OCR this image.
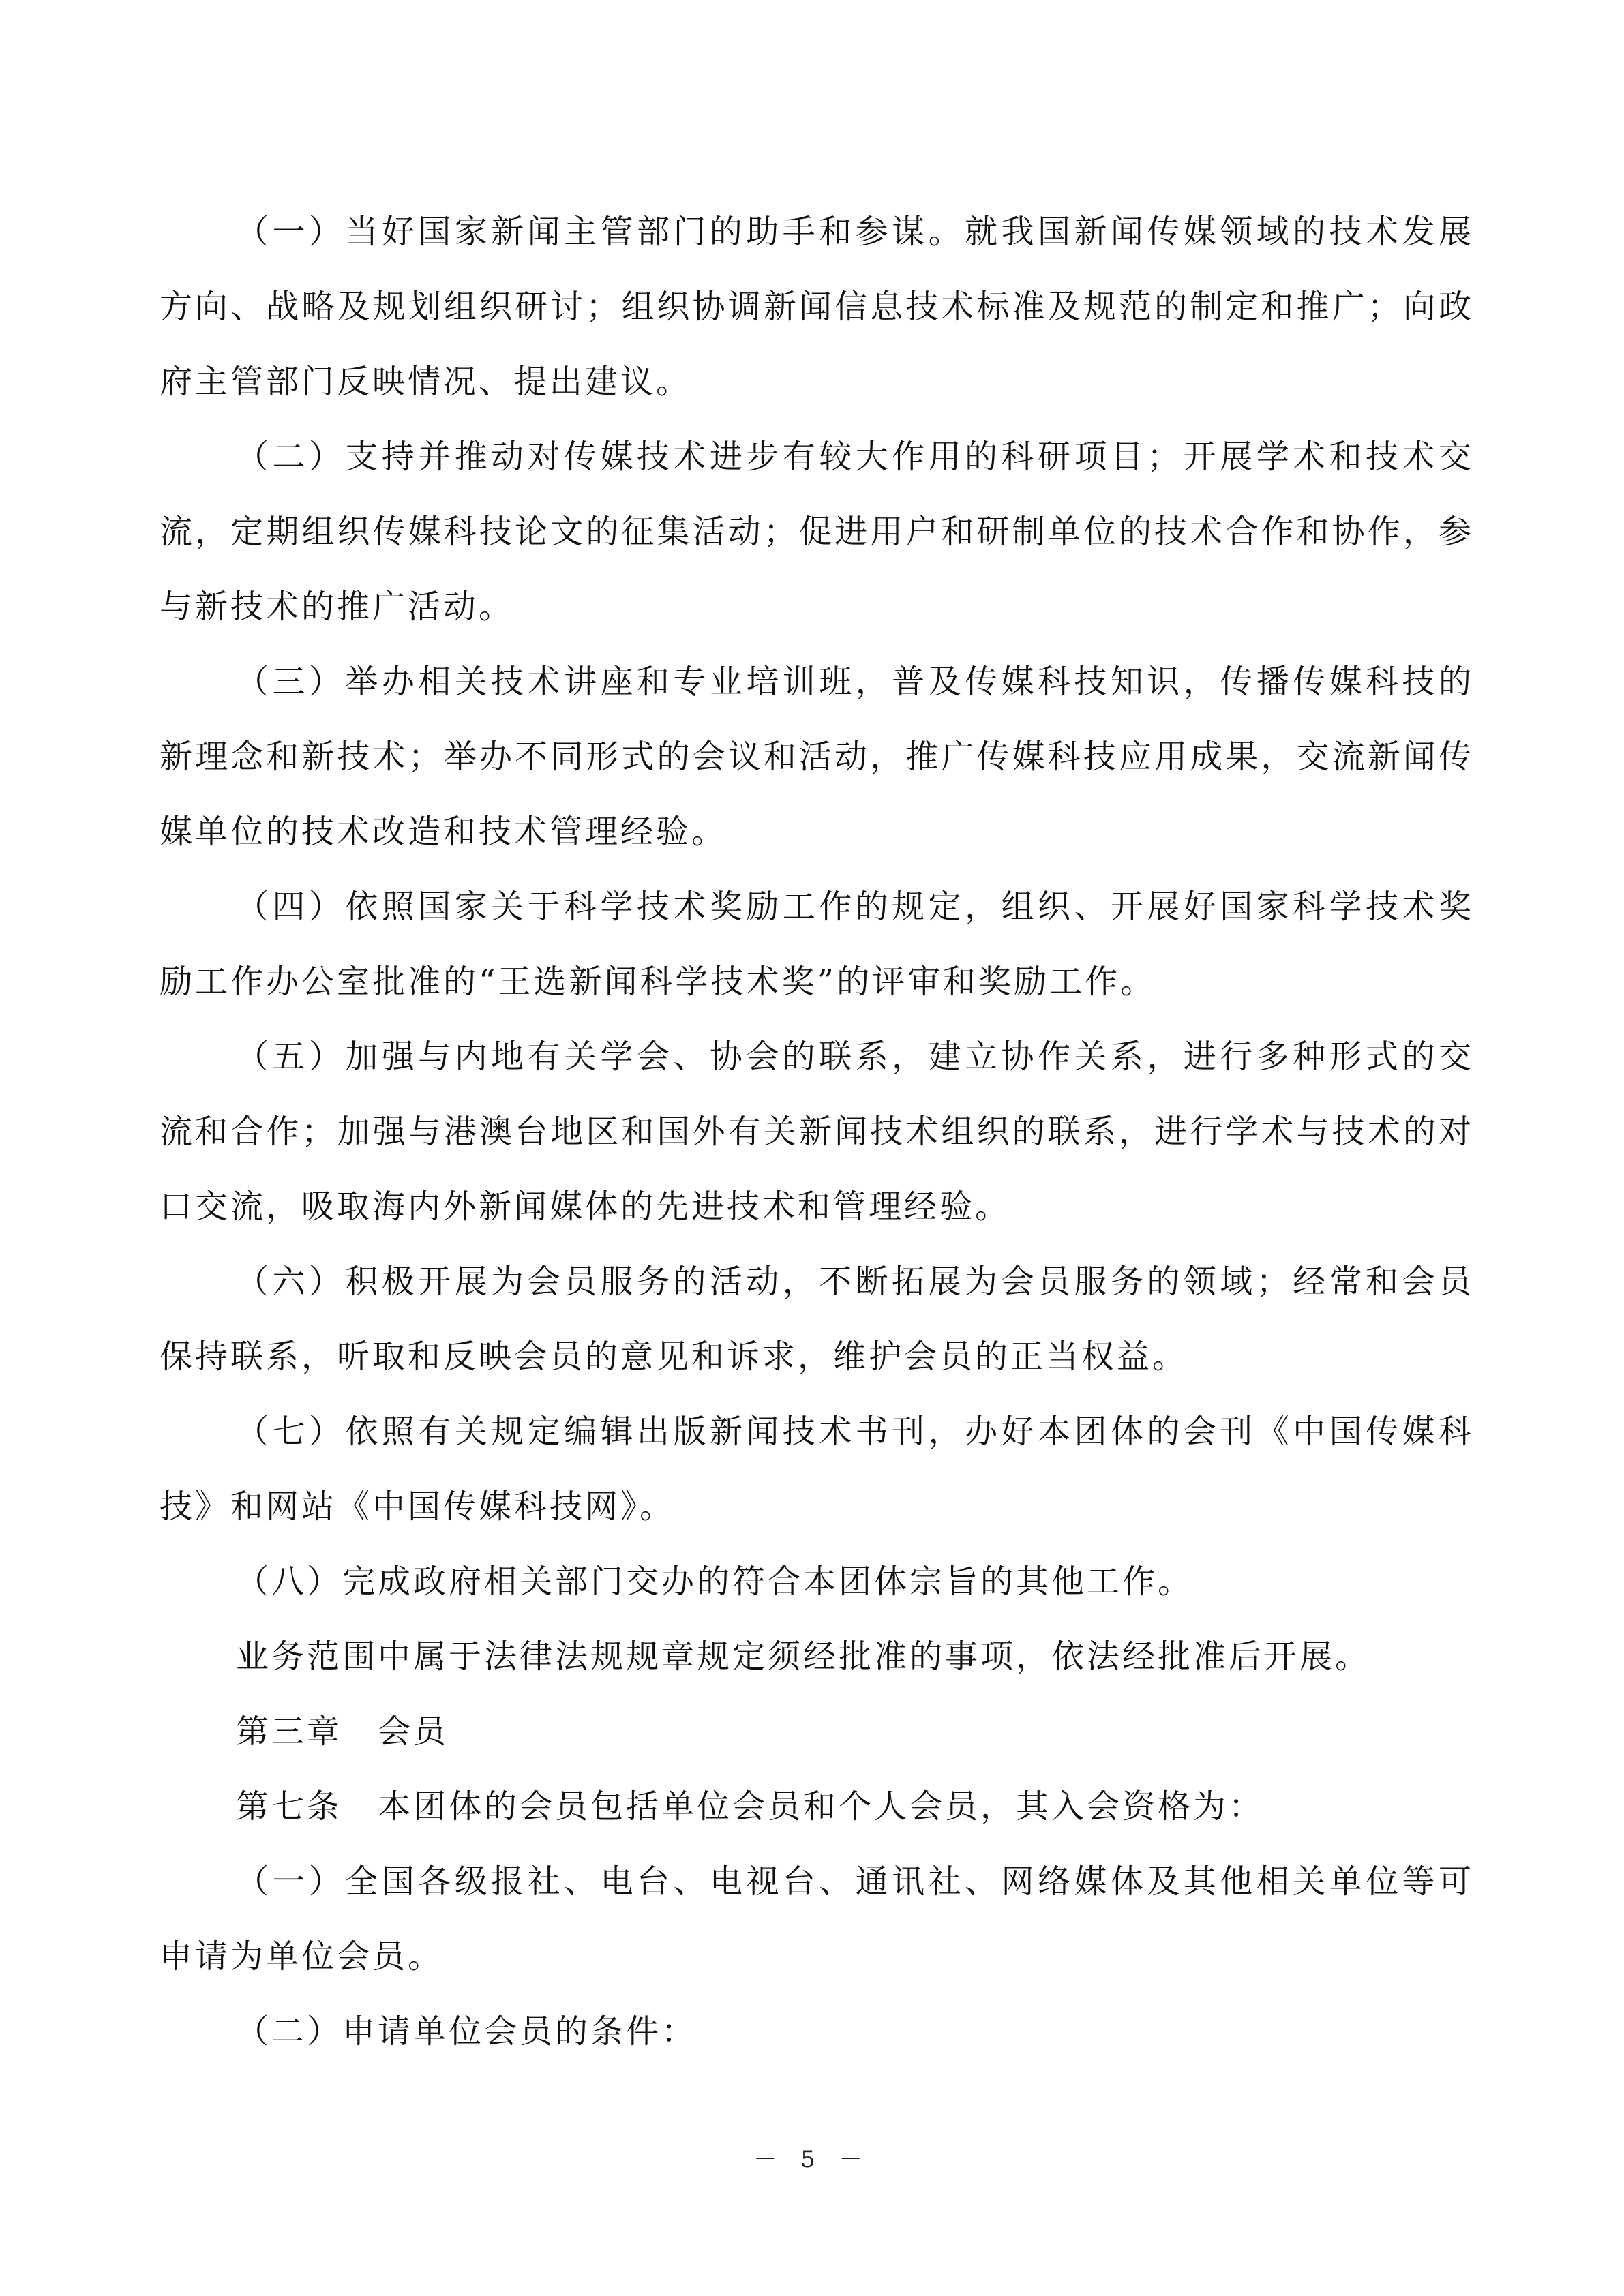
（一）当好国家新闻主管部门的助手和参谋。就我国新闻传媒领域的技术发展方向、战略及规划组织研讨；组织协调新闻信息技术标准及规范的制定和推广；向政府主管部门反映情况、提出建议。

（二）支持并推动对传媒技术进步有较大作用的科研项目；开展学术和技术交流，定期组织传媒科技论文的征集活动；促进用户和研制单位的技术合作和协作，参与新技术的推广活动。

（三）举办相关技术讲座和专业培训班，普及传媒科技知识，传播传媒科技的新理念和新技术；举办不同形式的会议和活动，推广传媒科技应用成果，交流新闻传媒单位的技术改造和技术管理经验。

（四）依照国家关于科学技术奖励工作的规定，组织、开展好国家科学技术奖励工作办公室批准的“王选新闻科学技术奖”的评审和奖励工作。

（五）加强与内地有关学会、协会的联系，建立协作关系，进行多种形式的交流和合作；加强与港澳台地区和国外有关新闻技术组织的联系，进行学术与技术的对口交流，吸取海内外新闻媒体的先进技术和管理经验。

（六）积极开展为会员服务的活动，不断拓展为会员服务的领域；经常和会员保持联系，听取和反映会员的意见和诉求，维护会员的正当权益。

（七）依照有关规定编辑出版新闻技术书刊，办好本团体的会刊《中国传媒科技》和网站《中国传媒科技网》。

（八）完成政府相关部门交办的符合本团体宗旨的其他工作。

业务范围中属于法律法规规章规定须经批准的事项，依法经批准后开展。

第三章　会员

第七条　本团体的会员包括单位会员和个人会员，其入会资格为：

（一）全国各级报社、电台、电视台、通讯社、网络媒体及其他相关单位等可申请为单位会员。

（二）申请单位会员的条件：

－ 5 －
